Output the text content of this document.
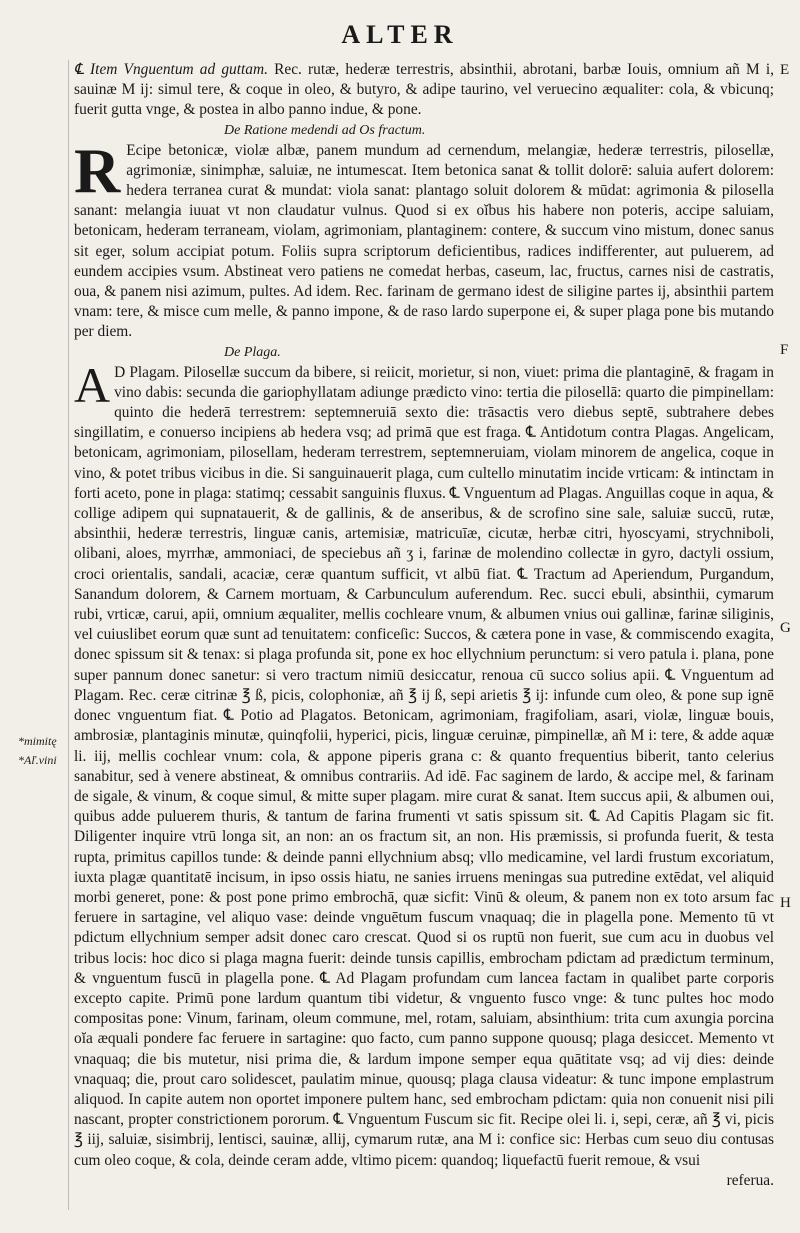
ALTER

℄ Item Vnguentum ad guttam. Rec. rutæ, hederæ terrestris, absinthii, abrotani, barbæ Iouis, omnium añ M i, sauinæ M ij: simul tere, & coque in oleo, & butyro, & adipe taurino, vel veruecino æqualiter: cola, & vbicunq; fuerit gutta vnge, & postea in albo panno indue, & pone.

De Ratione medendi ad Os fractum.

R Ecipe betonicæ, violæ albæ, panem mundum ad cernendum, melangiæ, hederæ terrestris, pilosellæ, agrimoniæ, sinimphæ, saluiæ, ne intumescat. Item betonica sanat & tollit dolorē: saluia aufert dolorem: hedera terranea curat & mundat: viola sanat: plantago soluit dolorem & mūdat: agrimonia & pilosella sanant: melangia iuuat vt non claudatur vulnus. Quod si ex oĭbus his habere non poteris, accipe saluiam, betonicam, hederam terraneam, violam, agrimoniam, plantaginem: contere, & succum vino mistum, donec sanus sit eger, solum accipiat potum. Foliis supra scriptorum deficientibus, radices indifferenter, aut puluerem, ad eundem accipies vsum. Abstineat vero patiens ne comedat herbas, caseum, lac, fructus, carnes nisi de castratis, oua, & panem nisi azimum, pultes. Ad idem. Rec. farinam de germano idest de siligine partes ij, absinthii partem vnam: tere, & misce cum melle, & panno impone, & de raso lardo superpone ei, & super plaga pone bis mutando per diem.

De Plaga.

A D Plagam. Pilosellæ succum da bibere, si reiicit, morietur, si non, viuet: prima die plantaginē, & fragam in vino dabis: secunda die gariophyllatam adiunge prædicto vino: tertia die pilosellā: quarto die pimpinellam: quinto die hederā terrestrem: septemneruiā sexto die: trāsactis vero diebus septē, subtrahere debes singillatim, e conuerso incipiens ab hedera vsq; ad primā que est fraga. ℄ Antidotum contra Plagas. Angelicam, betonicam, agrimoniam, pilosellam, hederam terrestrem, septemneruiam, violam minorem de angelica, coque in vino, & potet tribus vicibus in die. Si sanguinauerit plaga, cum cultello minutatim incide vrticam: & intinctam in forti aceto, pone in plaga: statimq; cessabit sanguinis fluxus. ℄ Vnguentum ad Plagas. Anguillas coque in aqua, & collige adipem qui supnatauerit, & de gallinis, & de anseribus, & de scrofino sine sale, saluiæ succū, rutæ, absinthii, hederæ terrestris, linguæ canis, artemisiæ, matricuīæ, cicutæ, herbæ citri, hyoscyami, strychniboli, olibani, aloes, myrrhæ, ammoniaci, de speciebus añ ʒ i, farinæ de molendino collectæ in gyro, dactyli ossium, croci orientalis, sandali, acaciæ, ceræ quantum sufficit, vt albū fiat. ℄ Tractum ad Aperiendum, Purgandum, Sanandum dolorem, & Carnem mortuam, & Carbunculum auferendum. Rec. succi ebuli, absinthii, cymarum rubi, vrticæ, carui, apii, omnium æqualiter, mellis cochleare vnum, & albumen vnius oui gallinæ, farinæ siliginis, vel cuiuslibet eorum quæ sunt ad tenuitatem: conficeſic: Succos, & cætera pone in vase, & commiscendo exagita, donec spissum sit & tenax: si plaga profunda sit, pone ex hoc ellychnium perunctum: si vero patula i. plana, pone super pannum donec sanetur: si vero tractum nimiū desiccatur, renoua cū succo solius apii. ℄ Vnguentum ad Plagam. Rec. ceræ citrinæ ℥ ß, picis, colophoniæ, añ ℥ ij ß, sepi arietis ℥ ij: infunde cum oleo, & pone sup ignē donec vnguentum fiat. ℄ Potio ad Plagatos. Betonicam, agrimoniam, fragifoliam, asari, violæ, linguæ bouis, ambrosiæ, plantaginis minutæ, quinqfolii, hyperici, picis, linguæ ceruinæ, pimpinellæ, añ M i: tere, & adde aquæ li. iij, mellis cochlear vnum: cola, & appone piperis grana c: & quanto frequentius biberit, tanto celerius sanabitur, sed à venere abstineat, & omnibus contrariis. Ad idē. Fac saginem de lardo, & accipe mel, & farinam de sigale, & vinum, & coque simul, & mitte super plagam. mire curat & sanat. Item succus apii, & albumen oui, quibus adde puluerem thuris, & tantum de farina frumenti vt satis spissum sit. ℄ Ad Capitis Plagam sic fit. Diligenter inquire vtrū longa sit, an non: an os fractum sit, an non. His præmissis, si profunda fuerit, & testa rupta, primitus capillos tunde: & deinde panni ellychnium absq; vllo medicamine, vel lardi frustum excoriatum, iuxta plagæ quantitatē incisum, in ipso ossis hiatu, ne sanies irruens meningas sua putredine extēdat, vel aliquid morbi generet, pone: & post pone primo embrochā, quæ sicfit: Vinū & oleum, & panem non ex toto arsum fac feruere in sartagine, vel aliquo vase: deinde vnguētum fuscum vnaquaq; die in plagella pone. Memento tū vt pdictum ellychnium semper adsit donec caro crescat. Quod si os ruptū non fuerit, sue cum acu in duobus vel tribus locis: hoc dico si plaga magna fuerit: deinde tunsis capillis, embrocham pdictam ad prædictum terminum, & vnguentum fuscū in plagella pone. ℄ Ad Plagam profundam cum lancea factam in qualibet parte corporis excepto capite. Primū pone lardum quantum tibi videtur, & vnguento fusco vnge: & tunc pultes hoc modo compositas pone: Vinum, farinam, oleum commune, mel, rotam, saluiam, absinthium: trita cum axungia porcina oĭa æquali pondere fac feruere in sartagine: quo facto, cum panno suppone quousq; plaga desiccet. Memento vt vnaquaq; die bis mutetur, nisi prima die, & lardum impone semper equa quātitate vsq; ad vij dies: deinde vnaquaq; die, prout caro solidescet, paulatim minue, quousq; plaga clausa videatur: & tunc impone emplastrum aliquod. In capite autem non oportet imponere pultem hanc, sed embrocham pdictam: quia non conuenit nisi pili nascant, propter constrictionem pororum. ℄ Vnguentum Fuscum sic fit. Recipe olei li. i, sepi, ceræ, añ ℥ vi, picis ℥ iij, saluiæ, sisimbrij, lentisci, sauinæ, allij, cymarum rutæ, ana M i: confice sic: Herbas cum seuo diu contusas cum oleo coque, & cola, deinde ceram adde, vltimo picem: quandoq; liquefactū fuerit remoue, & vsui

referua.

E
F
G
H
*mimitę
*Aľ.vini
